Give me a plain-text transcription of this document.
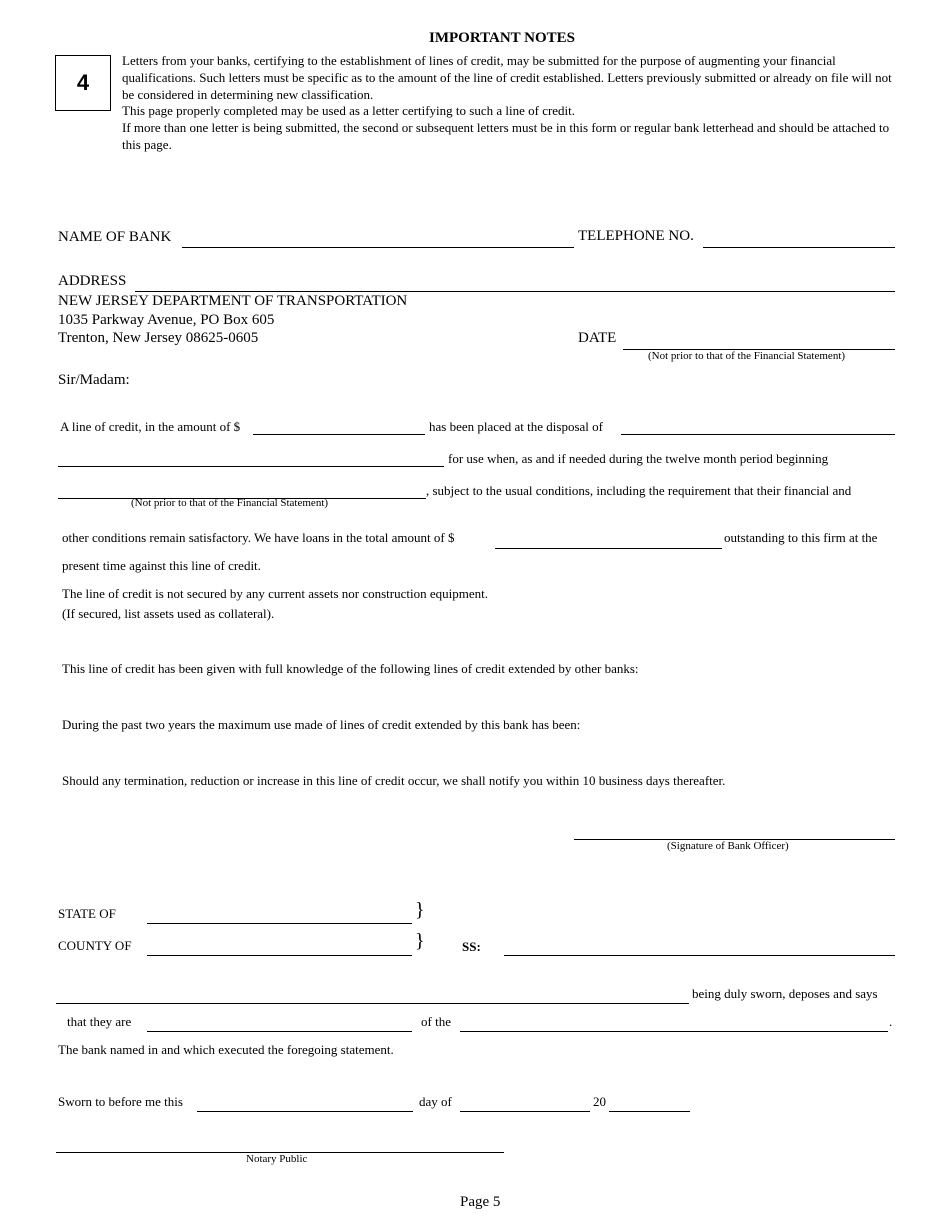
IMPORTANT NOTES
4

Letters from your banks, certifying to the establishment of lines of credit, may be submitted for the purpose of augmenting your financial qualifications. Such letters must be specific as to the amount of the line of credit established. Letters previously submitted or already on file will not be considered in determining new classification.

This page properly completed may be used as a letter certifying to such a line of credit.

If more than one letter is being submitted, the second or subsequent letters must be in this form or regular bank letterhead and should be attached to this page.

NAME OF BANK	TELEPHONE NO.
ADDRESS
NEW JERSEY DEPARTMENT OF TRANSPORTATION
1035 Parkway Avenue, PO Box 605
Trenton, New Jersey 08625-0605	DATE
(Not prior to that of the Financial Statement)
Sir/Madam:
A line of credit, in the amount of $	has been placed at the disposal of
for use when, as and if needed during the twelve month period beginning
, subject to the usual conditions, including the requirement that their financial and
(Not prior to that of the Financial Statement)
other conditions remain satisfactory. We have loans in the total amount of $	outstanding to this firm at the
present time against this line of credit.
The line of credit is not secured by any current assets nor construction equipment.
(If secured, list assets used as collateral).
This line of credit has been given with full knowledge of the following lines of credit extended by other banks:
During the past two years the maximum use made of lines of credit extended by this bank has been:
Should any termination, reduction or increase in this line of credit occur, we shall notify you within 10 business days thereafter.
(Signature of Bank Officer)
STATE OF	}
COUNTY OF	}	SS:
being duly sworn, deposes and says
that they are	of the	.
The bank named in and which executed the foregoing statement.
Sworn to before me this	day of	20
Notary Public
Page 5
